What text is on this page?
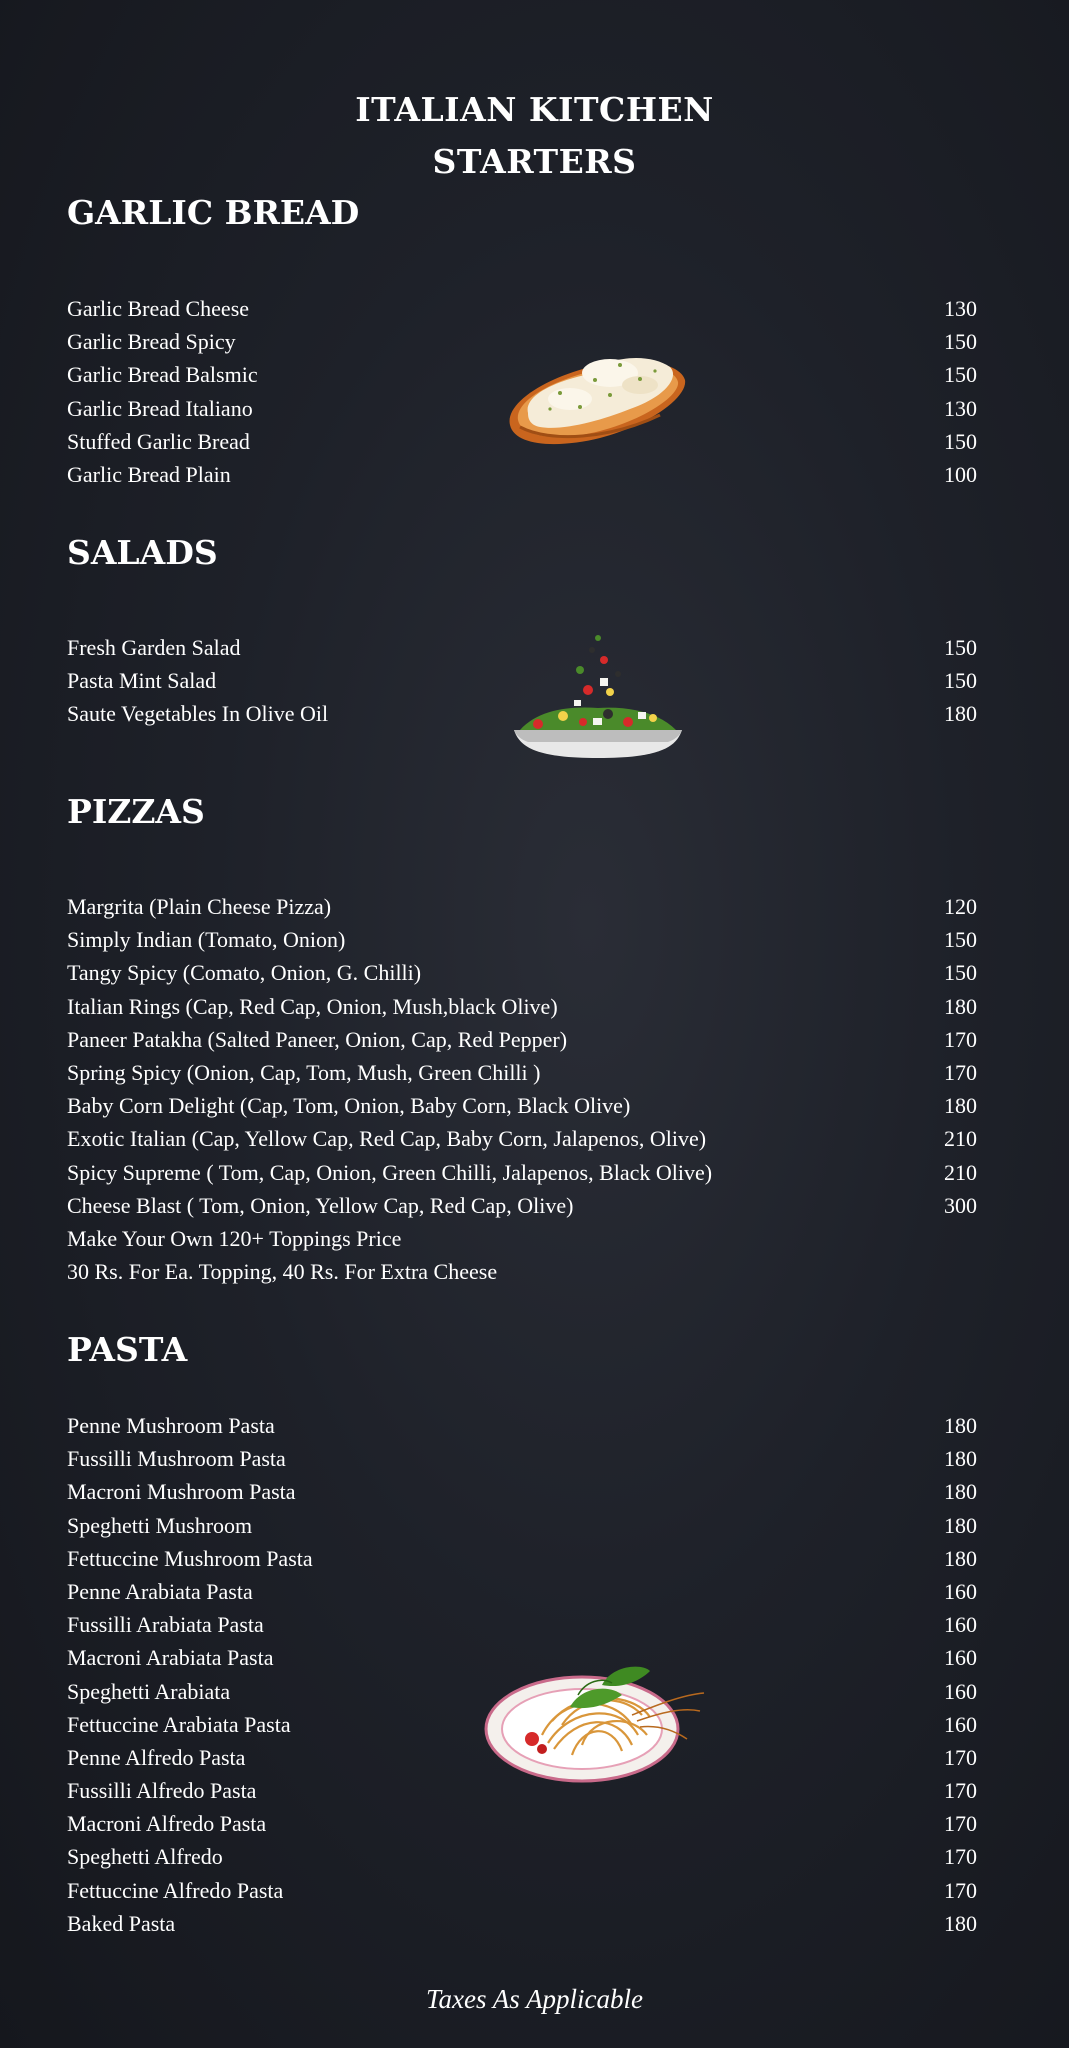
ITALIAN KITCHEN
STARTERS
GARLIC BREAD
Garlic Bread Cheese	130
Garlic Bread Spicy	150
Garlic Bread Balsmic	150
Garlic Bread Italiano	130
Stuffed Garlic Bread	150
Garlic Bread Plain	100
SALADS
Fresh Garden Salad	150
Pasta Mint Salad	150
Saute Vegetables In Olive Oil	180
PIZZAS
Margrita (Plain Cheese Pizza)	120
Simply Indian (Tomato, Onion)	150
Tangy Spicy (Comato, Onion, G. Chilli)	150
Italian Rings (Cap, Red Cap, Onion, Mush,black Olive)	180
Paneer Patakha (Salted Paneer, Onion, Cap, Red Pepper)	170
Spring Spicy (Onion, Cap, Tom, Mush, Green Chilli )	170
Baby Corn Delight (Cap, Tom, Onion, Baby Corn, Black Olive)	180
Exotic Italian (Cap, Yellow Cap, Red Cap, Baby Corn, Jalapenos, Olive)	210
Spicy Supreme ( Tom, Cap, Onion, Green Chilli, Jalapenos, Black Olive)	210
Cheese Blast ( Tom, Onion, Yellow Cap, Red Cap, Olive)	300
Make Your Own 120+ Toppings Price
30 Rs. For Ea. Topping, 40 Rs. For Extra Cheese
PASTA
Penne Mushroom Pasta	180
Fussilli Mushroom Pasta	180
Macroni Mushroom Pasta	180
Speghetti Mushroom	180
Fettuccine Mushroom Pasta	180
Penne Arabiata Pasta	160
Fussilli Arabiata Pasta	160
Macroni Arabiata Pasta	160
Speghetti Arabiata	160
Fettuccine Arabiata Pasta	160
Penne Alfredo Pasta	170
Fussilli Alfredo Pasta	170
Macroni Alfredo Pasta	170
Speghetti Alfredo	170
Fettuccine Alfredo Pasta	170
Baked Pasta	180
Taxes As Applicable
